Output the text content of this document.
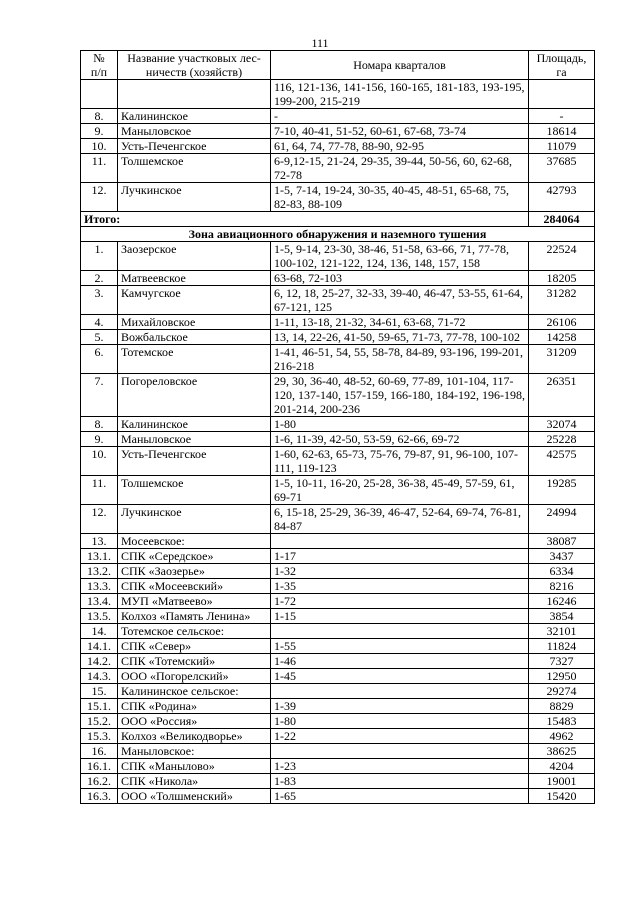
111
№
п/п	Название участковых лес-
ничеств (хозяйств)	Номара кварталов	Площадь,
га
		116, 121-136, 141-156, 160-165, 181-183, 193-195, 199-200, 215-219	
8.	Калининское	-	-
9.	Маныловское	7-10, 40-41, 51-52, 60-61, 67-68, 73-74	18614
10.	Усть-Печенгское	61, 64, 74, 77-78, 88-90, 92-95	11079
11.	Толшемское	6-9,12-15, 21-24, 29-35, 39-44, 50-56, 60, 62-68, 72-78	37685
12.	Лучкинское	1-5, 7-14, 19-24, 30-35, 40-45, 48-51, 65-68, 75, 82-83, 88-109	42793
Итого:			284064
Зона авиационного обнаружения и наземного тушения			
1.	Заозерское	1-5, 9-14, 23-30, 38-46, 51-58, 63-66, 71, 77-78, 100-102, 121-122, 124, 136, 148, 157, 158	22524
2.	Матвеевское	63-68, 72-103	18205
3.	Камчугское	6, 12, 18, 25-27, 32-33, 39-40, 46-47, 53-55, 61-64, 67-121, 125	31282
4.	Михайловское	1-11, 13-18, 21-32, 34-61, 63-68, 71-72	26106
5.	Вожбальское	13, 14, 22-26, 41-50, 59-65, 71-73, 77-78, 100-102	14258
6.	Тотемское	1-41, 46-51, 54, 55, 58-78, 84-89, 93-196, 199-201, 216-218	31209
7.	Погореловское	29, 30, 36-40, 48-52, 60-69, 77-89, 101-104, 117-120, 137-140, 157-159, 166-180, 184-192, 196-198, 201-214, 200-236	26351
8.	Калининское	1-80	32074
9.	Маныловское	1-6, 11-39, 42-50, 53-59, 62-66, 69-72	25228
10.	Усть-Печенгское	1-60, 62-63, 65-73, 75-76, 79-87, 91, 96-100, 107-111, 119-123	42575
11.	Толшемское	1-5, 10-11, 16-20, 25-28, 36-38, 45-49, 57-59, 61, 69-71	19285
12.	Лучкинское	6, 15-18, 25-29, 36-39, 46-47, 52-64, 69-74, 76-81, 84-87	24994
13.	Мосеевское:		38087
13.1.	СПК «Середское»	1-17	3437
13.2.	СПК «Заозерье»	1-32	6334
13.3.	СПК «Мосеевский»	1-35	8216
13.4.	МУП «Матвеево»	1-72	16246
13.5.	Колхоз «Память Ленина»	1-15	3854
14.	Тотемское сельское:		32101
14.1.	СПК «Север»	1-55	11824
14.2.	СПК «Тотемский»	1-46	7327
14.3.	ООО «Погорелский»	1-45	12950
15.	Калининское сельское:		29274
15.1.	СПК «Родина»	1-39	8829
15.2.	ООО «Россия»	1-80	15483
15.3.	Колхоз «Великодворье»	1-22	4962
16.	Маныловское:		38625
16.1.	СПК «Манылово»	1-23	4204
16.2.	СПК «Никола»	1-83	19001
16.3.	ООО «Толшменский»	1-65	15420
